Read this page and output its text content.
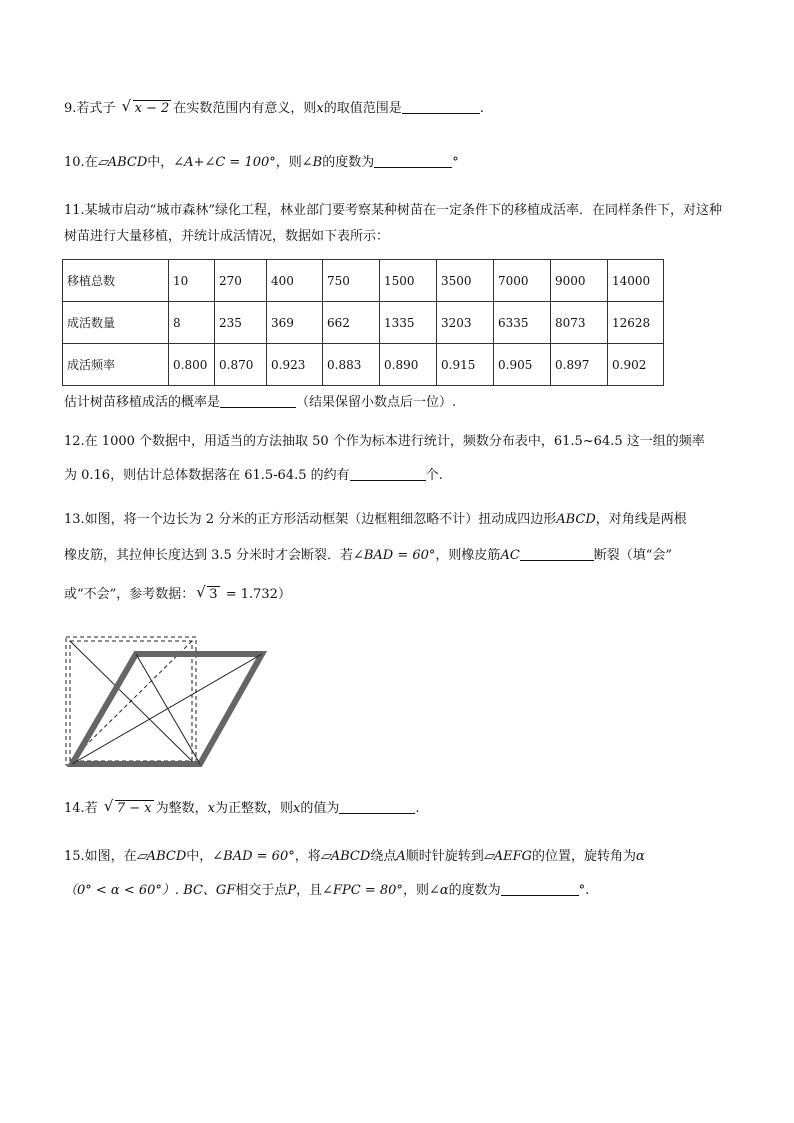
9.若式子 √ x − 2 在实数范围内有意义，则x的取值范围是	.
10.在⏥ABCD中，∠A+∠C = 100°，则∠B的度数为	°
11.某城市启动“城市森林”绿化工程，林业部门要考察某种树苗在一定条件下的移植成活率．在同样条件下，对这种树苗进行大量移植，并统计成活情况，数据如下表所示：
移植总数	10	270	400	750	1500	3500	7000	9000	14000
成活数量	8	235	369	662	1335	3203	6335	8073	12628
成活频率	0.800	0.870	0.923	0.883	0.890	0.915	0.905	0.897	0.902
估计树苗移植成活的概率是	（结果保留小数点后一位）.
12.在 1000 个数据中，用适当的方法抽取 50 个作为标本进行统计，频数分布表中，61.5~64.5 这一组的频率
为 0.16，则估计总体数据落在 61.5-64.5 的约有	个.
13.如图，将一个边长为 2 分米的正方形活动框架（边框粗细忽略不计）扭动成四边形ABCD，对角线是两根
橡皮筋，其拉伸长度达到 3.5 分米时才会断裂．若∠BAD = 60°，则橡皮筋AC	断裂（填“会”
或“不会”，参考数据： √ 3 = 1.732）
14.若 √ 7 − x 为整数，x为正整数，则x的值为	.
15.如图，在⏥ABCD中，∠BAD = 60°，将⏥ABCD绕点A顺时针旋转到⏥AEFG的位置，旋转角为α
（0° < α < 60°）. BC、GF相交于点P，且∠FPC = 80°，则∠α的度数为	°.
